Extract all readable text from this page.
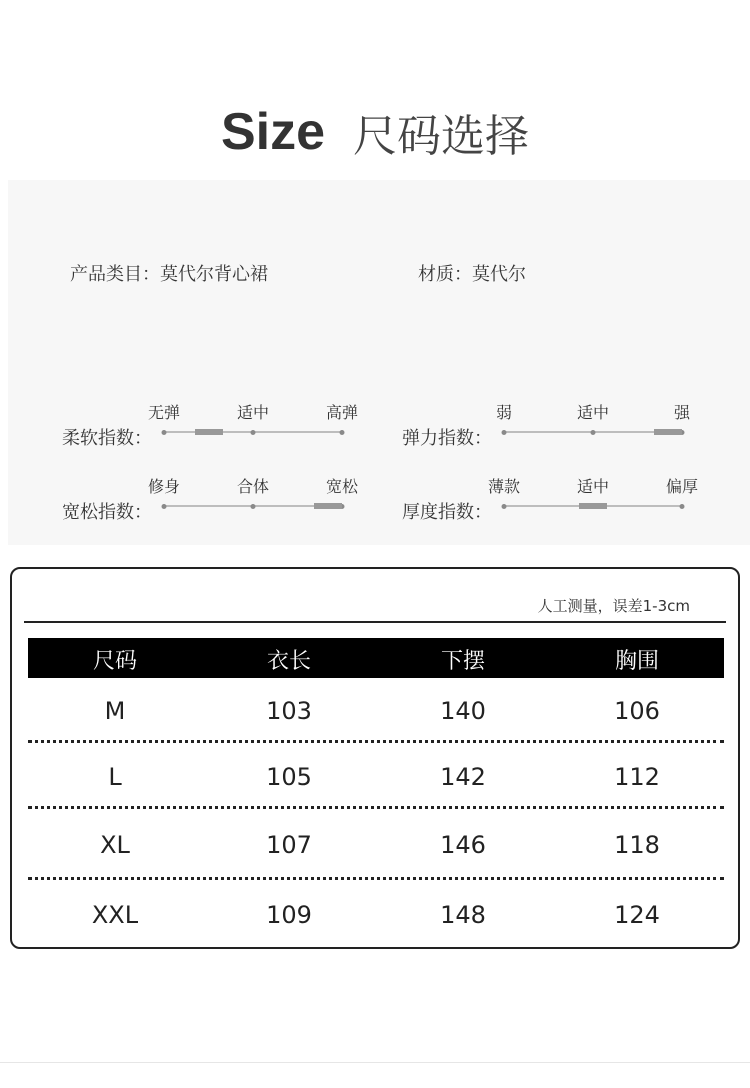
Size 尺码选择
产品类目：莫代尔背心裙	材质：莫代尔
柔软指数：
无弹	适中	高弹
弹力指数：
弱	适中	强
宽松指数：
修身	合体	宽松
厚度指数：
薄款	适中	偏厚
人工测量，误差1-3cm
尺码	衣长	下摆	胸围
M	103	140	106
L	105	142	112
XL	107	146	118
XXL	109	148	124
